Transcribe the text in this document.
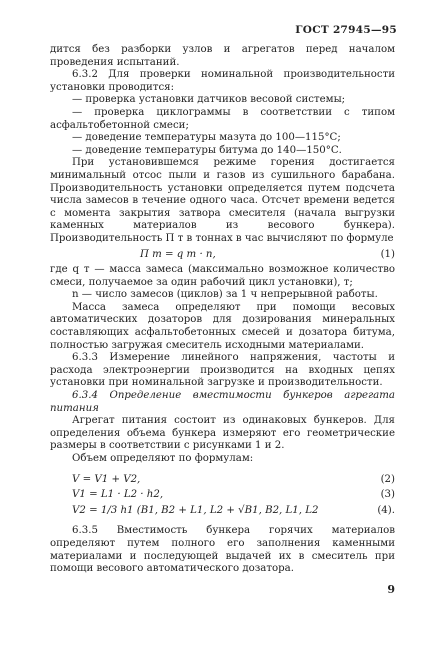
ГОСТ 27945—95

дится без разборки узлов и агрегатов перед началом проведения испытаний.

6.3.2 Для проверки номинальной производительности установки проводится:

— проверка установки датчиков весовой системы;

— проверка циклограммы в соответствии с типом асфальтобетонной смеси;

— доведение температуры мазута до 100—115°С;

— доведение температуры битума до 140—150°С.

При установившемся режиме горения достигается минимальный отсос пыли и газов из сушильного барабана. Производительность установки определяется путем подсчета числа замесов в течение одного часа. Отсчет времени ведется с момента закрытия затвора смесителя (начала выгрузки каменных материалов из весового бункера). Производительность П т в тоннах в час вычисляют по формуле

П т = q т · n,	(1)

где q т — масса замеса (максимально возможное количество смеси, получаемое за один рабочий цикл установки), т;

n — число замесов (циклов) за 1 ч непрерывной работы.

Масса замеса определяют при помощи весовых автоматических дозаторов для дозирования минеральных составляющих асфальтобетонных смесей и дозатора битума, полностью загружая смеситель исходными материалами.

6.3.3 Измерение линейного напряжения, частоты и расхода электроэнергии производится на входных цепях установки при номинальной загрузке и производительности.

6.3.4 Определение вместимости бункеров агрегата питания

Агрегат питания состоит из одинаковых бункеров. Для определения объема бункера измеряют его геометрические размеры в соответствии с рисунками 1 и 2.

Объем определяют по формулам:

V = V1 + V2,	(2)
V1 = L1 · L2 · h2,	(3)
V2 = 1/3 h1 (B1, B2 + L1, L2 + √B1, B2, L1, L2	(4).

6.3.5 Вместимость бункера горячих материалов определяют путем полного его заполнения каменными материалами и последующей выдачей их в смеситель при помощи весового автоматического дозатора.

9
